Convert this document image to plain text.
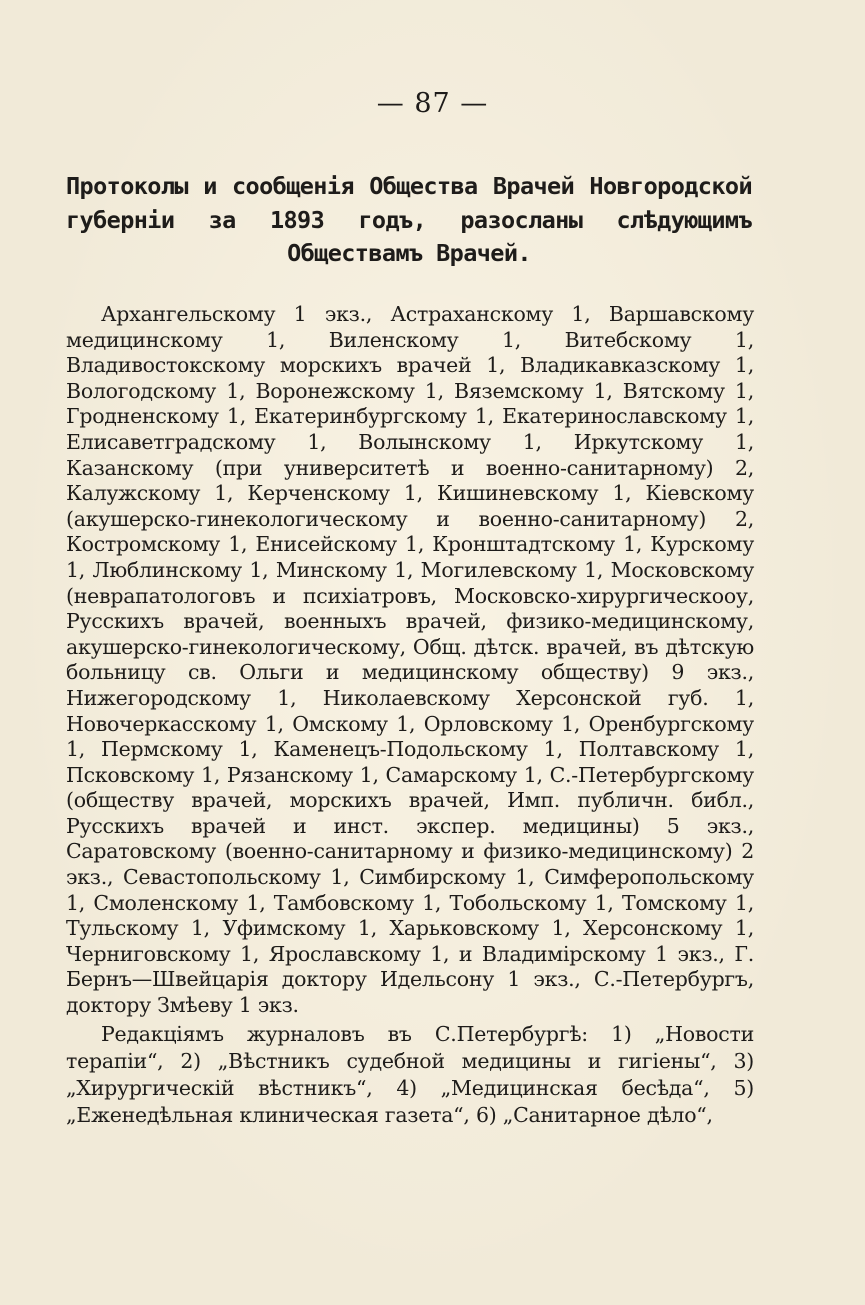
— 87 —
Протоколы и сообщенія Общества Врачей Новгородской губерніи за 1893 годъ, разосланы слѣдующимъ Обществамъ Врачей.

Архангельскому 1 экз., Астраханскому 1, Варшавскому медицинскому 1, Виленскому 1, Витебскому 1, Владивостокскому морскихъ врачей 1, Владикавказскому 1, Вологодскому 1, Воронежскому 1, Вяземскому 1, Вятскому 1, Гродненскому 1, Екатеринбургскому 1, Екатеринославскому 1, Елисаветградскому 1, Волынскому 1, Иркутскому 1, Казанскому (при университетѣ и военно-санитарному) 2, Калужскому 1, Керченскому 1, Кишиневскому 1, Кіевскому (акушерско-гинекологическому и военно-санитарному) 2, Костромскому 1, Енисейскому 1, Кронштадтскому 1, Курскому 1, Люблинскому 1, Минскому 1, Могилевскому 1, Московскому (неврапатологовъ и психіатровъ, Московско-хирургическоoу, Русскихъ врачей, военныхъ врачей, физико-медицинскому, акушерско-гинекологическому, Общ. дѣтск. врачей, въ дѣтскую больницу св. Ольги и медицинскому обществу) 9 экз., Нижегородскому 1, Николаевскому Херсонской губ. 1, Новочеркасскому 1, Омскому 1, Орловскому 1, Оренбургскому 1, Пермскому 1, Каменецъ-Подольскому 1, Полтавскому 1, Псковскому 1, Рязанскому 1, Самарскому 1, С.-Петербургскому (обществу врачей, морскихъ врачей, Имп. публичн. библ., Русскихъ врачей и инст. экспер. медицины) 5 экз., Саратовскому (военно-санитарному и физико-медицинскому) 2 экз., Севастопольскому 1, Симбирскому 1, Симферопольскому 1, Смоленскому 1, Тамбовскому 1, Тобольскому 1, Томскому 1, Тульскому 1, Уфимскому 1, Харьковскому 1, Херсонскому 1, Черниговскому 1, Ярославскому 1, и Владимірскому 1 экз., Г. Бернъ—Швейцарія доктору Идельсону 1 экз., С.-Петербургъ, доктору Змѣеву 1 экз.

Редакціямъ журналовъ въ С.Петербургѣ: 1) „Новости терапіи“, 2) „Вѣстникъ судебной медицины и гигіены“, 3) „Хирургическій вѣстникъ“, 4) „Медицинская бесѣда“, 5) „Еженедѣльная клиническая газета“, 6) „Санитарное дѣло“,
